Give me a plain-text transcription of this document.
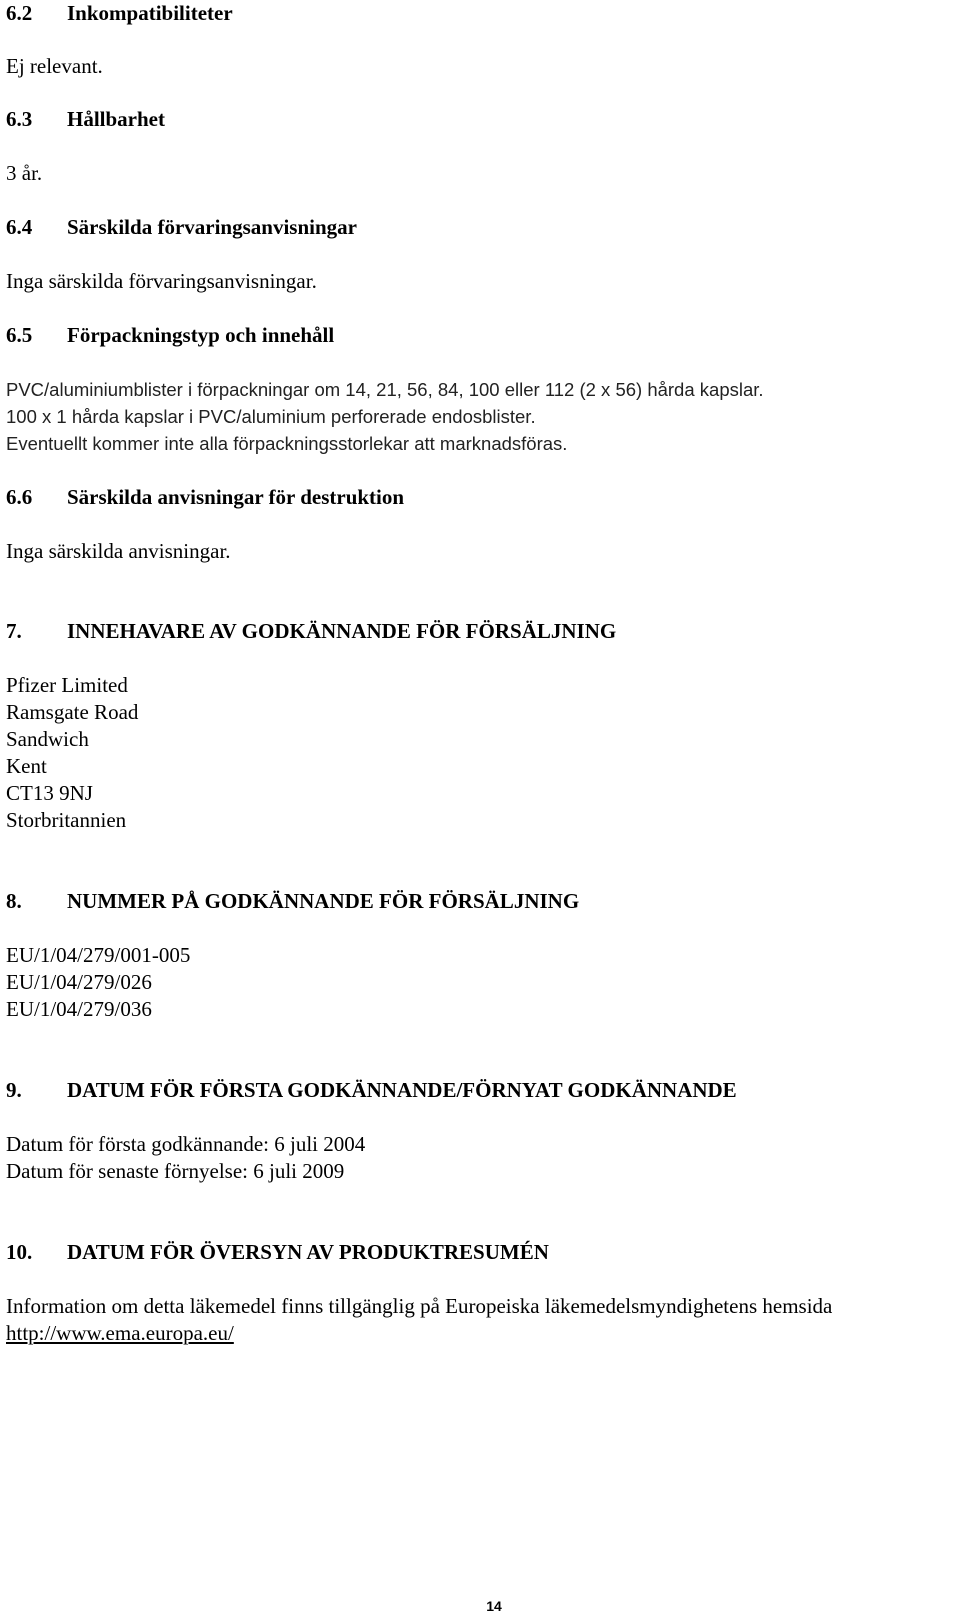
6.2 Inkompatibiliteter
Ej relevant.
6.3 Hållbarhet
3 år.
6.4 Särskilda förvaringsanvisningar
Inga särskilda förvaringsanvisningar.
6.5 Förpackningstyp och innehåll
PVC/aluminiumblister i förpackningar om 14, 21, 56, 84, 100 eller 112 (2 x 56) hårda kapslar.
100 x 1 hårda kapslar i PVC/aluminium perforerade endosblister.
Eventuellt kommer inte alla förpackningsstorlekar att marknadsföras.
6.6 Särskilda anvisningar för destruktion
Inga särskilda anvisningar.
7. INNEHAVARE AV GODKÄNNANDE FÖR FÖRSÄLJNING
Pfizer Limited
Ramsgate Road
Sandwich
Kent
CT13 9NJ
Storbritannien
8. NUMMER PÅ GODKÄNNANDE FÖR FÖRSÄLJNING
EU/1/04/279/001-005
EU/1/04/279/026
EU/1/04/279/036
9. DATUM FÖR FÖRSTA GODKÄNNANDE/FÖRNYAT GODKÄNNANDE
Datum för första godkännande: 6 juli 2004
Datum för senaste förnyelse: 6 juli 2009
10. DATUM FÖR ÖVERSYN AV PRODUKTRESUMÉN
Information om detta läkemedel finns tillgänglig på Europeiska läkemedelsmyndighetens hemsida
http://www.ema.europa.eu/
14
